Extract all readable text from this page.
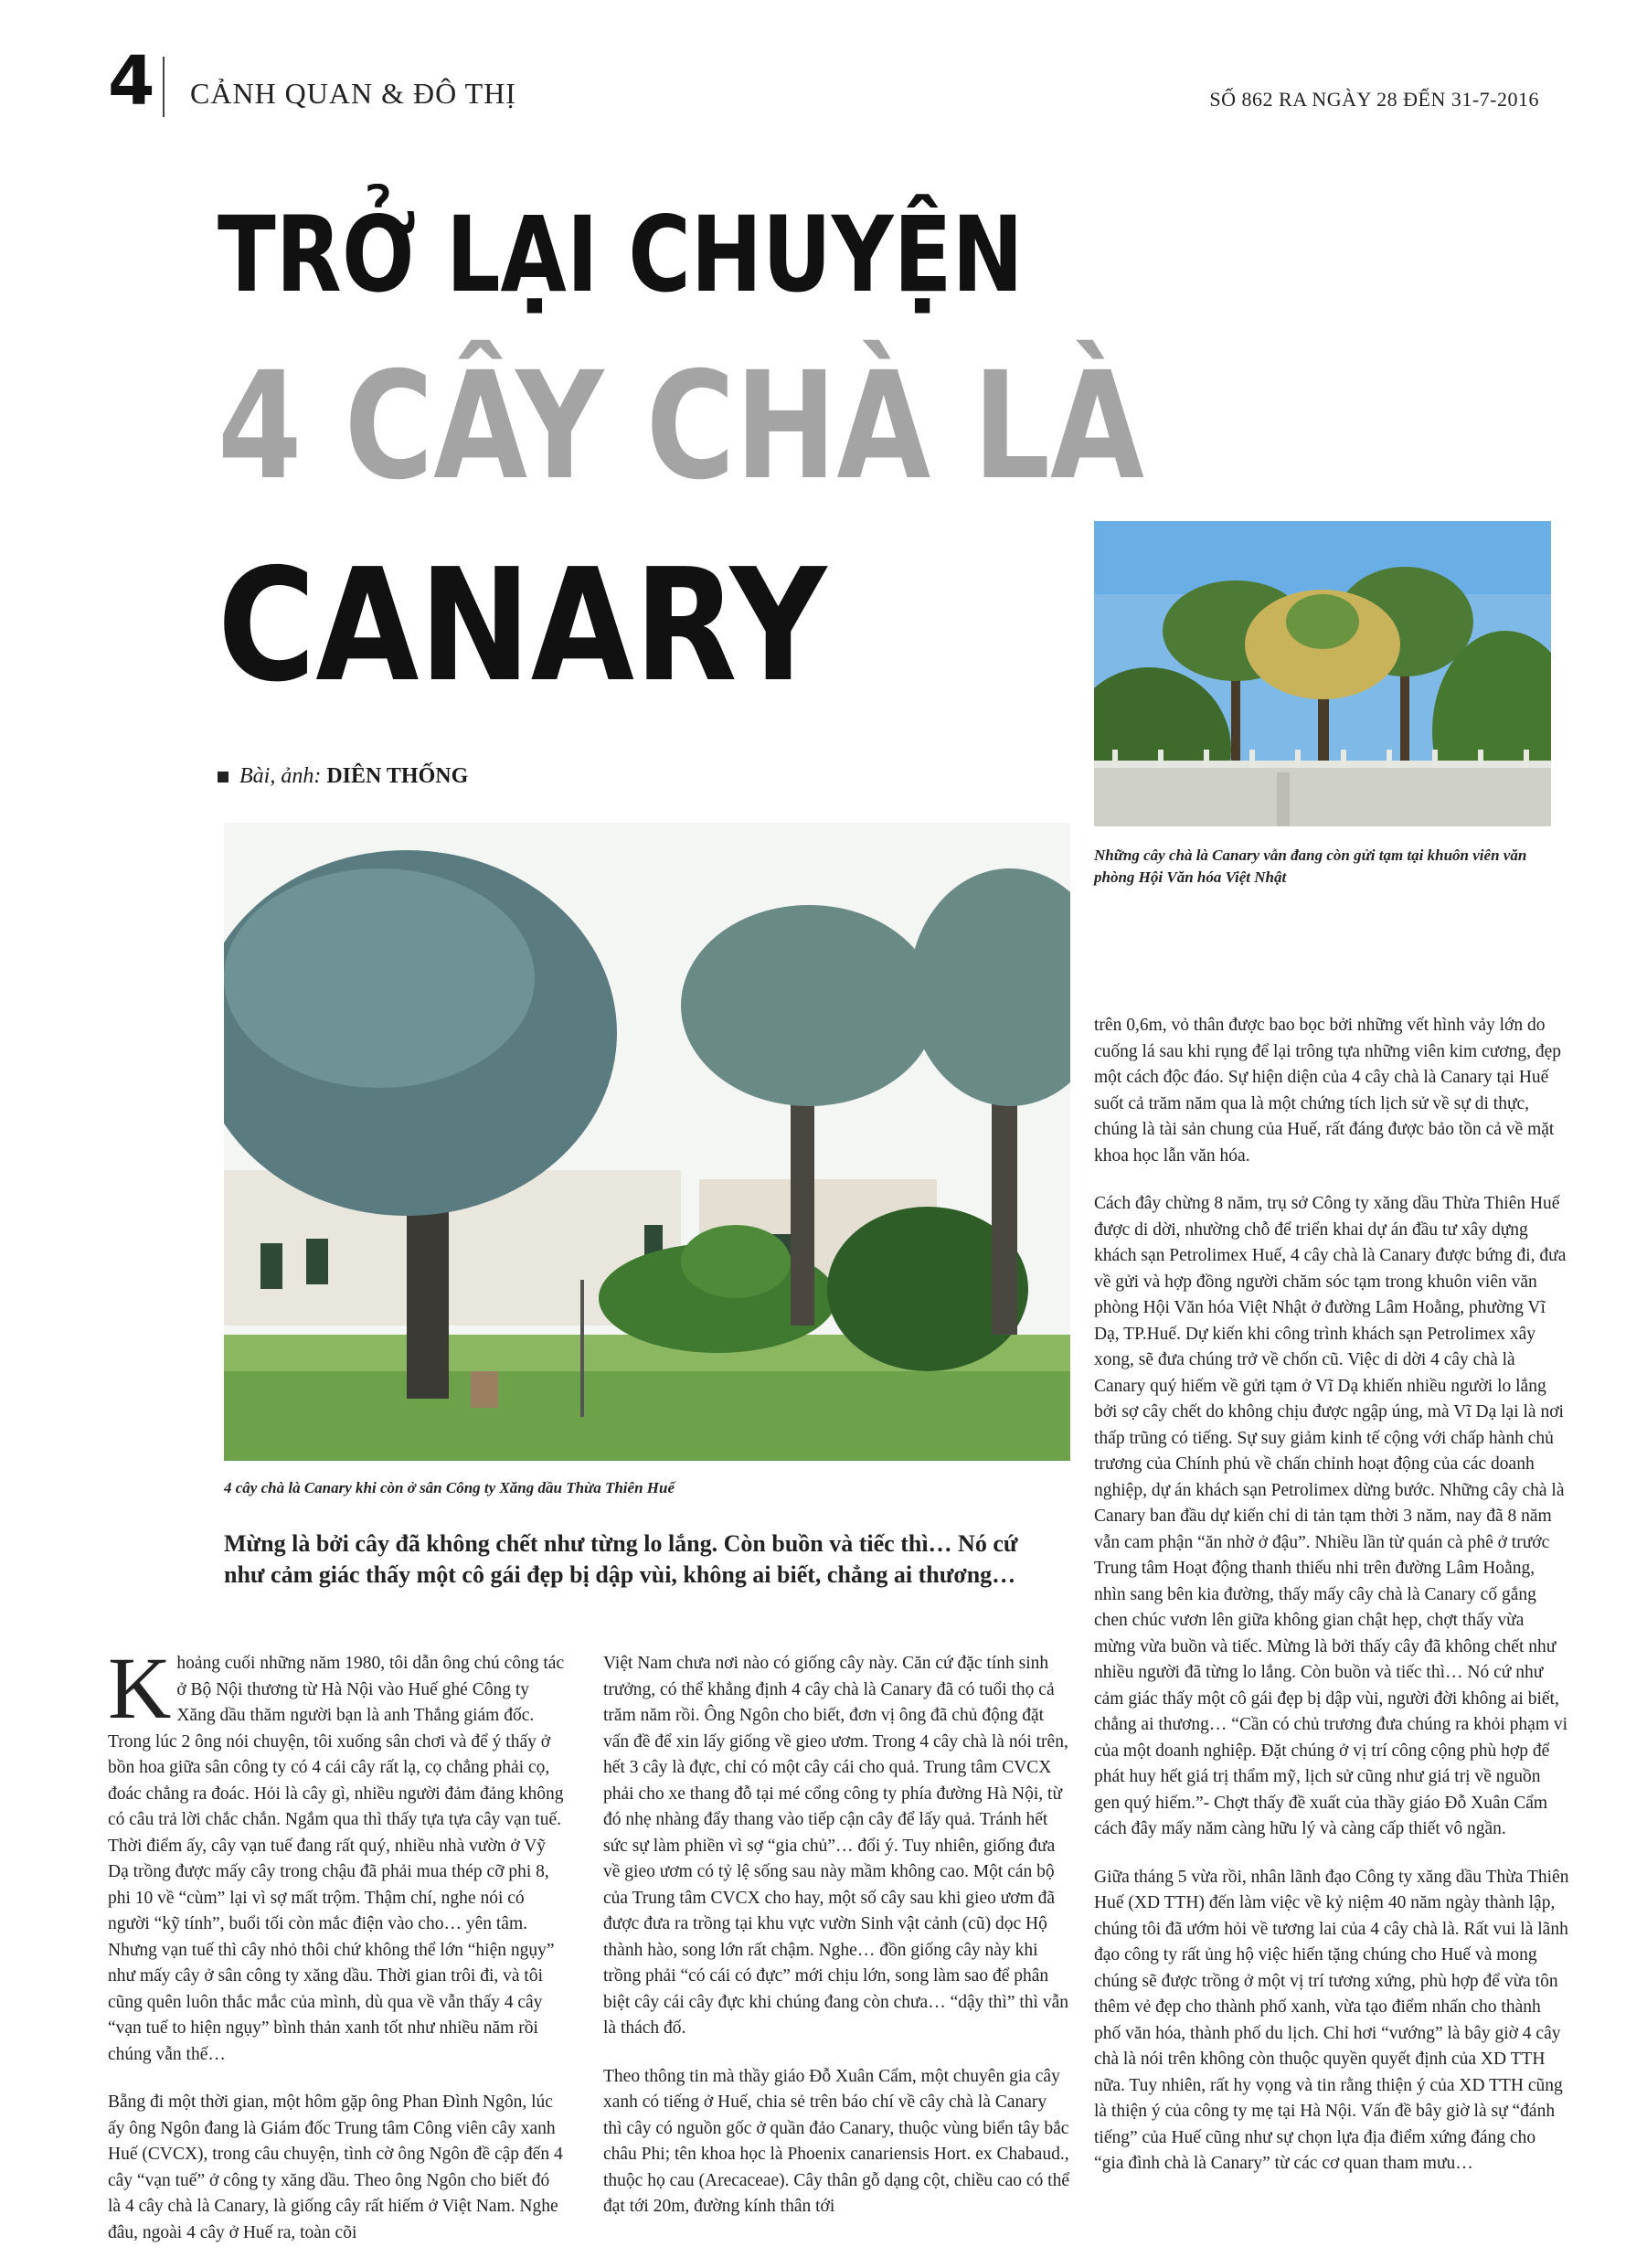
4 CẢNH QUAN & ĐÔ THỊ	SỐ 862 RA NGÀY 28 ĐẾN 31-7-2016
TRỞ LẠI CHUYỆN
4 CÂY CHÀ LÀ
CANARY
Bài, ảnh: DIÊN THỐNG
Những cây chà là Canary vẫn đang còn gửi tạm tại khuôn viên văn phòng Hội Văn hóa Việt Nhật
4 cây chà là Canary khi còn ở sân Công ty Xăng dầu Thừa Thiên Huế
Mừng là bởi cây đã không chết như từng lo lắng. Còn buồn và tiếc thì… Nó cứ như cảm giác thấy một cô gái đẹp bị dập vùi, không ai biết, chẳng ai thương…

Khoảng cuối những năm 1980, tôi dẫn ông chú công tác ở Bộ Nội thương từ Hà Nội vào Huế ghé Công ty Xăng dầu thăm người bạn là anh Thắng giám đốc. Trong lúc 2 ông nói chuyện, tôi xuống sân chơi và để ý thấy ở bồn hoa giữa sân công ty có 4 cái cây rất lạ, cọ chẳng phải cọ, đoác chẳng ra đoác. Hỏi là cây gì, nhiều người đảm đảng không có câu trả lời chắc chắn. Ngắm qua thì thấy tựa tựa cây vạn tuế. Thời điểm ấy, cây vạn tuế đang rất quý, nhiều nhà vườn ở Vỹ Dạ trồng được mấy cây trong chậu đã phải mua thép cỡ phi 8, phi 10 về “cùm” lại vì sợ mất trộm. Thậm chí, nghe nói có người “kỹ tính”, buổi tối còn mắc điện vào cho… yên tâm. Nhưng vạn tuế thì cây nhỏ thôi chứ không thể lớn “hiện ngụy” như mấy cây ở sân công ty xăng dầu. Thời gian trôi đi, và tôi cũng quên luôn thắc mắc của mình, dù qua về vẫn thấy 4 cây “vạn tuế to hiện ngụy” bình thản xanh tốt như nhiều năm rồi chúng vẫn thế…

Bẵng đi một thời gian, một hôm gặp ông Phan Đình Ngôn, lúc ấy ông Ngôn đang là Giám đốc Trung tâm Công viên cây xanh Huế (CVCX), trong câu chuyện, tình cờ ông Ngôn đề cập đến 4 cây “vạn tuế” ở công ty xăng dầu. Theo ông Ngôn cho biết đó là 4 cây chà là Canary, là giống cây rất hiếm ở Việt Nam. Nghe đâu, ngoài 4 cây ở Huế ra, toàn cõi

Việt Nam chưa nơi nào có giống cây này. Căn cứ đặc tính sinh trưởng, có thể khẳng định 4 cây chà là Canary đã có tuổi thọ cả trăm năm rồi. Ông Ngôn cho biết, đơn vị ông đã chủ động đặt vấn đề để xin lấy giống về gieo ươm. Trong 4 cây chà là nói trên, hết 3 cây là đực, chỉ có một cây cái cho quả. Trung tâm CVCX phải cho xe thang đỗ tại mé cổng công ty phía đường Hà Nội, từ đó nhẹ nhàng đẩy thang vào tiếp cận cây để lấy quả. Tránh hết sức sự làm phiền vì sợ “gia chủ”… đổi ý. Tuy nhiên, giống đưa về gieo ươm có tỷ lệ sống sau này mầm không cao. Một cán bộ của Trung tâm CVCX cho hay, một số cây sau khi gieo ươm đã được đưa ra trồng tại khu vực vườn Sinh vật cảnh (cũ) dọc Hộ thành hào, song lớn rất chậm. Nghe… đồn giống cây này khi trồng phải “có cái có đực” mới chịu lớn, song làm sao để phân biệt cây cái cây đực khi chúng đang còn chưa… “dậy thì” thì vẫn là thách đố.

Theo thông tin mà thầy giáo Đỗ Xuân Cẩm, một chuyên gia cây xanh có tiếng ở Huế, chia sẻ trên báo chí về cây chà là Canary thì cây có nguồn gốc ở quần đảo Canary, thuộc vùng biển tây bắc châu Phi; tên khoa học là Phoenix canariensis Hort. ex Chabaud., thuộc họ cau (Arecaceae). Cây thân gỗ dạng cột, chiều cao có thể đạt tới 20m, đường kính thân tới

trên 0,6m, vỏ thân được bao bọc bởi những vết hình vảy lớn do cuống lá sau khi rụng để lại trông tựa những viên kim cương, đẹp một cách độc đáo. Sự hiện diện của 4 cây chà là Canary tại Huế suốt cả trăm năm qua là một chứng tích lịch sử về sự di thực, chúng là tài sản chung của Huế, rất đáng được bảo tồn cả về mặt khoa học lẫn văn hóa.

Cách đây chừng 8 năm, trụ sở Công ty xăng dầu Thừa Thiên Huế được di dời, nhường chỗ để triển khai dự án đầu tư xây dựng khách sạn Petrolimex Huế, 4 cây chà là Canary được bứng đi, đưa về gửi và hợp đồng người chăm sóc tạm trong khuôn viên văn phòng Hội Văn hóa Việt Nhật ở đường Lâm Hoằng, phường Vĩ Dạ, TP.Huế. Dự kiến khi công trình khách sạn Petrolimex xây xong, sẽ đưa chúng trở về chốn cũ. Việc di dời 4 cây chà là Canary quý hiếm về gửi tạm ở Vĩ Dạ khiến nhiều người lo lắng bởi sợ cây chết do không chịu được ngập úng, mà Vĩ Dạ lại là nơi thấp trũng có tiếng. Sự suy giảm kinh tế cộng với chấp hành chủ trương của Chính phủ về chấn chỉnh hoạt động của các doanh nghiệp, dự án khách sạn Petrolimex dừng bước. Những cây chà là Canary ban đầu dự kiến chỉ di tản tạm thời 3 năm, nay đã 8 năm vẫn cam phận “ăn nhờ ở đậu”. Nhiều lần từ quán cà phê ở trước Trung tâm Hoạt động thanh thiếu nhi trên đường Lâm Hoằng, nhìn sang bên kia đường, thấy mấy cây chà là Canary cố gắng chen chúc vươn lên giữa không gian chật hẹp, chợt thấy vừa mừng vừa buồn và tiếc. Mừng là bởi thấy cây đã không chết như nhiều người đã từng lo lắng. Còn buồn và tiếc thì… Nó cứ như cảm giác thấy một cô gái đẹp bị dập vùi, người đời không ai biết, chẳng ai thương… “Cần có chủ trương đưa chúng ra khỏi phạm vi của một doanh nghiệp. Đặt chúng ở vị trí công cộng phù hợp để phát huy hết giá trị thẩm mỹ, lịch sử cũng như giá trị về nguồn gen quý hiếm.”- Chợt thấy đề xuất của thầy giáo Đỗ Xuân Cẩm cách đây mấy năm càng hữu lý và càng cấp thiết vô ngần.

Giữa tháng 5 vừa rồi, nhân lãnh đạo Công ty xăng dầu Thừa Thiên Huế (XD TTH) đến làm việc về kỷ niệm 40 năm ngày thành lập, chúng tôi đã ướm hỏi về tương lai của 4 cây chà là. Rất vui là lãnh đạo công ty rất ủng hộ việc hiến tặng chúng cho Huế và mong chúng sẽ được trồng ở một vị trí tương xứng, phù hợp để vừa tôn thêm vẻ đẹp cho thành phố xanh, vừa tạo điểm nhấn cho thành phố văn hóa, thành phố du lịch. Chỉ hơi “vướng” là bây giờ 4 cây chà là nói trên không còn thuộc quyền quyết định của XD TTH nữa. Tuy nhiên, rất hy vọng và tin rằng thiện ý của XD TTH cũng là thiện ý của công ty mẹ tại Hà Nội. Vấn đề bây giờ là sự “đánh tiếng” của Huế cũng như sự chọn lựa địa điểm xứng đáng cho “gia đình chà là Canary” từ các cơ quan tham mưu…
